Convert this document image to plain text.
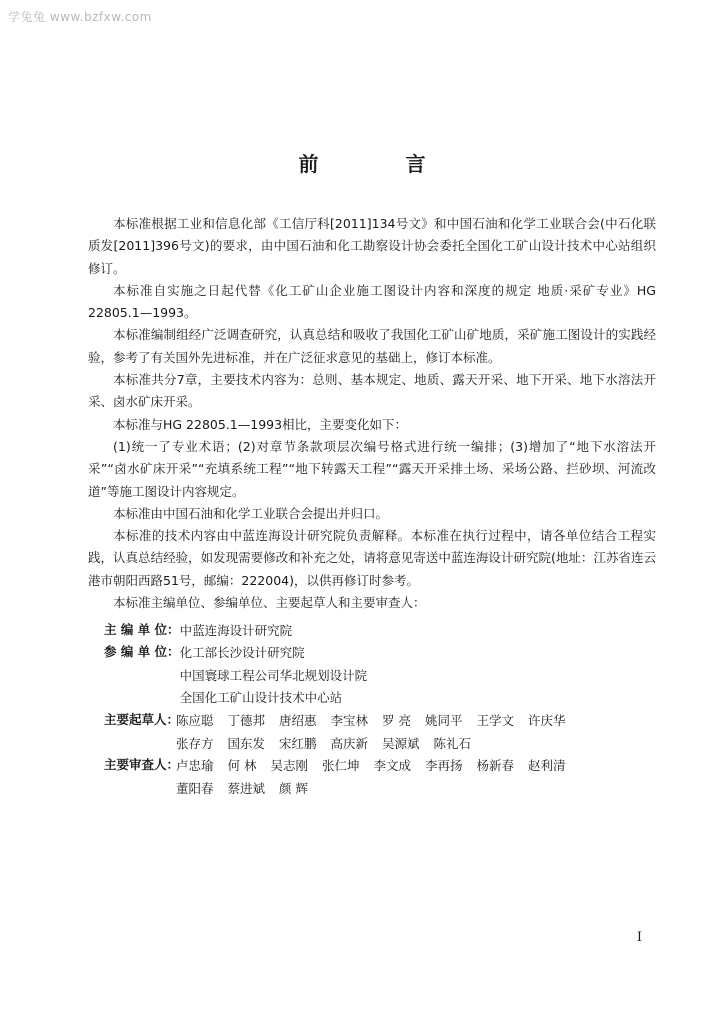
学兔兔 www.bzfxw.com
前 言

本标准根据工业和信息化部《工信厅科[2011]134号文》和中国石油和化学工业联合会(中石化联质发[2011]396号文)的要求，由中国石油和化工勘察设计协会委托全国化工矿山设计技术中心站组织修订。

本标准自实施之日起代替《化工矿山企业施工图设计内容和深度的规定 地质·采矿专业》HG 22805.1—1993。

本标准编制组经广泛调查研究，认真总结和吸收了我国化工矿山矿地质，采矿施工图设计的实践经验，参考了有关国外先进标准，并在广泛征求意见的基础上，修订本标准。

本标准共分7章，主要技术内容为：总则、基本规定、地质、露天开采、地下开采、地下水溶法开采、卤水矿床开采。

本标准与HG 22805.1—1993相比，主要变化如下：

(1)统一了专业术语；(2)对章节条款项层次编号格式进行统一编排；(3)增加了“地下水溶法开采”“卤水矿床开采”“充填系统工程”“地下转露天工程”“露天开采排土场、采场公路、拦砂坝、河流改道”等施工图设计内容规定。

本标准由中国石油和化学工业联合会提出并归口。

本标准的技术内容由中蓝连海设计研究院负责解释。本标准在执行过程中，请各单位结合工程实践，认真总结经验，如发现需要修改和补充之处，请将意见寄送中蓝连海设计研究院(地址：江苏省连云港市朝阳西路51号，邮编：222004)，以供再修订时参考。

本标准主编单位、参编单位、主要起草人和主要审查人：

主 编 单 位： 中蓝连海设计研究院
参 编 单 位： 化工部长沙设计研究院
中国寰球工程公司华北规划设计院
全国化工矿山设计技术中心站
主要起草人：
陈应聪 丁德邦 唐绍惠 李宝林 罗 亮 姚同平 王学文 许庆华
张存方 国东发 宋红鹏 高庆新 吴源斌 陈礼石
主要审查人：
卢忠瑜 何 林 吴志刚 张仁坤 李文成 李再扬 杨新春 赵利清
董阳春 蔡进斌 颜 辉
I
